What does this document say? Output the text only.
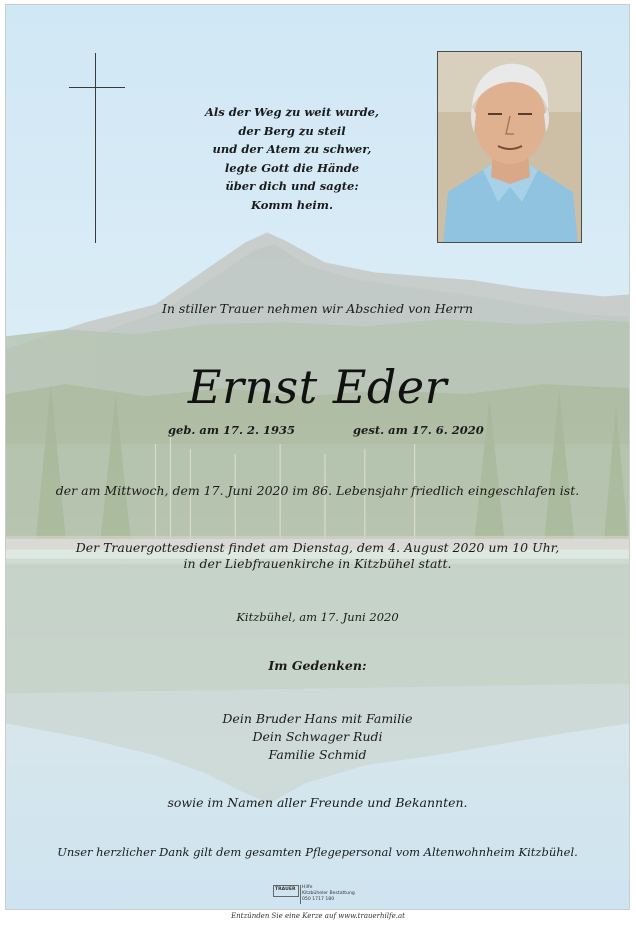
Als der Weg zu weit wurde,
der Berg zu steil
und der Atem zu schwer,
legte Gott die Hände
über dich und sagte:
Komm heim.
In stiller Trauer nehmen wir Abschied von Herrn
Ernst Eder
geb. am 17. 2. 1935	gest. am 17. 6. 2020
der am Mittwoch, dem 17. Juni 2020 im 86. Lebensjahr friedlich eingeschlafen ist.
Der Trauergottesdienst findet am Dienstag, dem 4. August 2020 um 10 Uhr,
in der Liebfrauenkirche in Kitzbühel statt.
Kitzbühel, am 17. Juni 2020
Im Gedenken:
Dein Bruder Hans mit Familie
Dein Schwager Rudi
Familie Schmid
sowie im Namen aller Freunde und Bekannten.
Unser herzlicher Dank gilt dem gesamten Pflegepersonal vom Altenwohnheim Kitzbühel.
TRAUER Hilfe
Kitzbüheler Bestattung
050 1717 180
Entzünden Sie eine Kerze auf www.trauerhilfe.at
